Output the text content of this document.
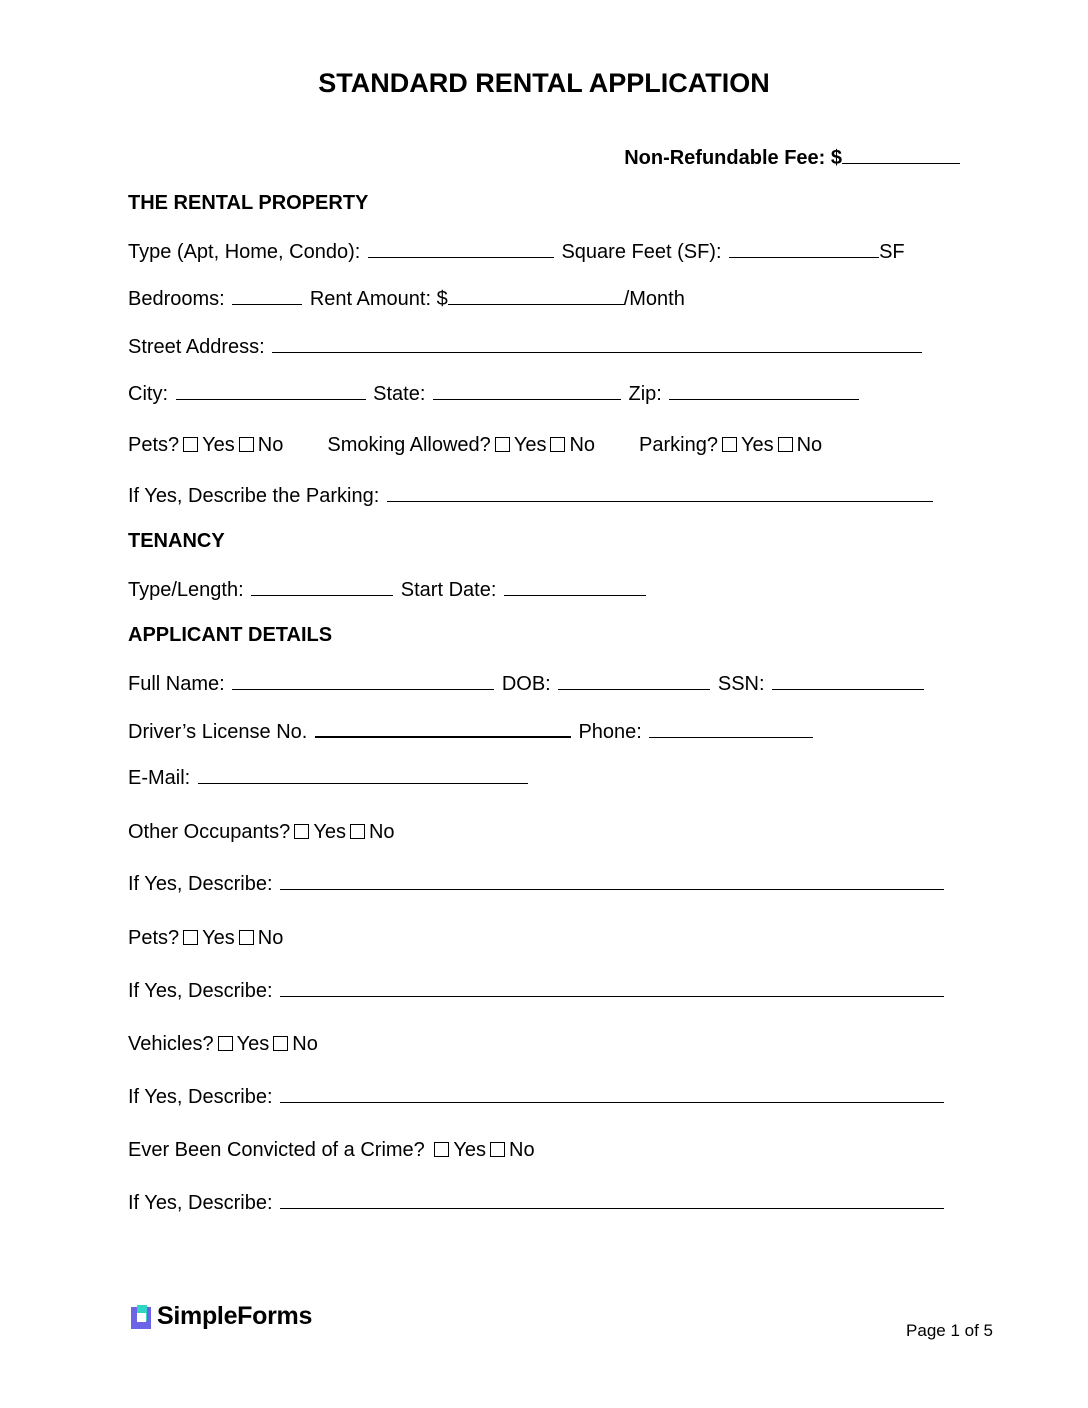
STANDARD RENTAL APPLICATION
Non-Refundable Fee: $
THE RENTAL PROPERTY
Type (Apt, Home, Condo):	Square Feet (SF):	SF
Bedrooms:	Rent Amount: $	/Month
Street Address:
City:	State:	Zip:
Pets? Yes No Smoking Allowed? Yes No Parking? Yes No
If Yes, Describe the Parking:
TENANCY
Type/Length:	Start Date:
APPLICANT DETAILS
Full Name:	DOB:	SSN:
Driver’s License No.	Phone:
E-Mail:
Other Occupants? Yes No
If Yes, Describe:
Pets? Yes No
If Yes, Describe:
Vehicles? Yes No
If Yes, Describe:
Ever Been Convicted of a Crime? Yes No
If Yes, Describe:
SimpleForms
Page 1 of 5
